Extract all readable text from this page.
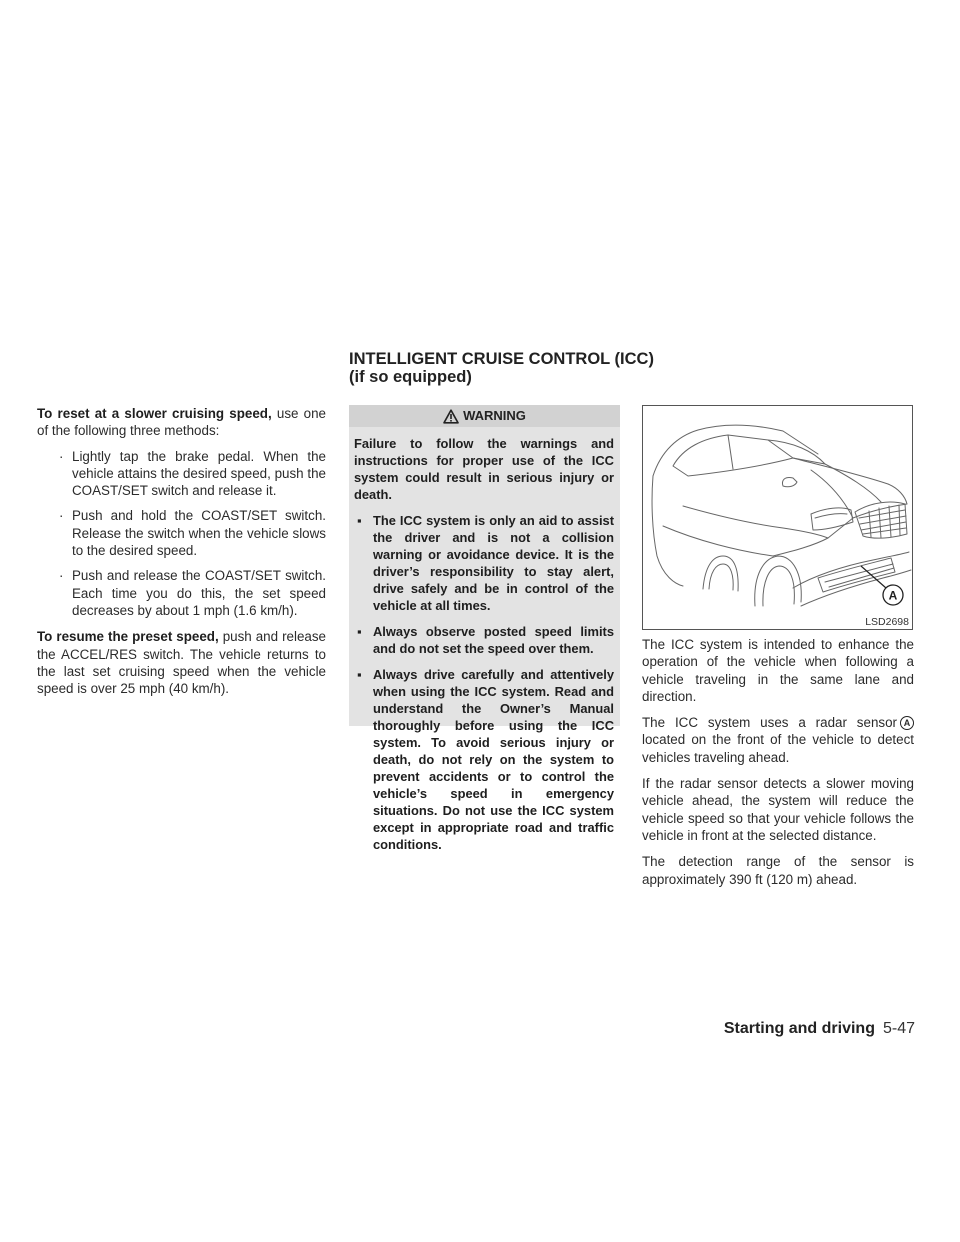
INTELLIGENT CRUISE CONTROL (ICC)
(if so equipped)

To reset at a slower cruising speed, use one of the following three methods:

· Lightly tap the brake pedal. When the vehicle attains the desired speed, push the COAST/SET switch and release it.
· Push and hold the COAST/SET switch. Release the switch when the vehicle slows to the desired speed.
· Push and release the COAST/SET switch. Each time you do this, the set speed decreases by about 1 mph (1.6 km/h).

To resume the preset speed, push and release the ACCEL/RES switch. The vehicle returns to the last set cruising speed when the vehicle speed is over 25 mph (40 km/h).

WARNING

Failure to follow the warnings and instructions for proper use of the ICC system could result in serious injury or death.

▪ The ICC system is only an aid to assist the driver and is not a collision warning or avoidance device. It is the driver’s responsibility to stay alert, drive safely and be in control of the vehicle at all times.
▪ Always observe posted speed limits and do not set the speed over them.
▪ Always drive carefully and attentively when using the ICC system. Read and understand the Owner’s Manual thoroughly before using the ICC system. To avoid serious injury or death, do not rely on the system to prevent accidents or to control the vehicle’s speed in emergency situations. Do not use the ICC system except in appropriate road and traffic conditions.
A
LSD2698

The ICC system is intended to enhance the operation of the vehicle when following a vehicle traveling in the same lane and direction.

The ICC system uses a radar sensor A located on the front of the vehicle to detect vehicles traveling ahead.

If the radar sensor detects a slower moving vehicle ahead, the system will reduce the vehicle speed so that your vehicle follows the vehicle in front at the selected distance.

The detection range of the sensor is approximately 390 ft (120 m) ahead.

Starting and driving 5-47
